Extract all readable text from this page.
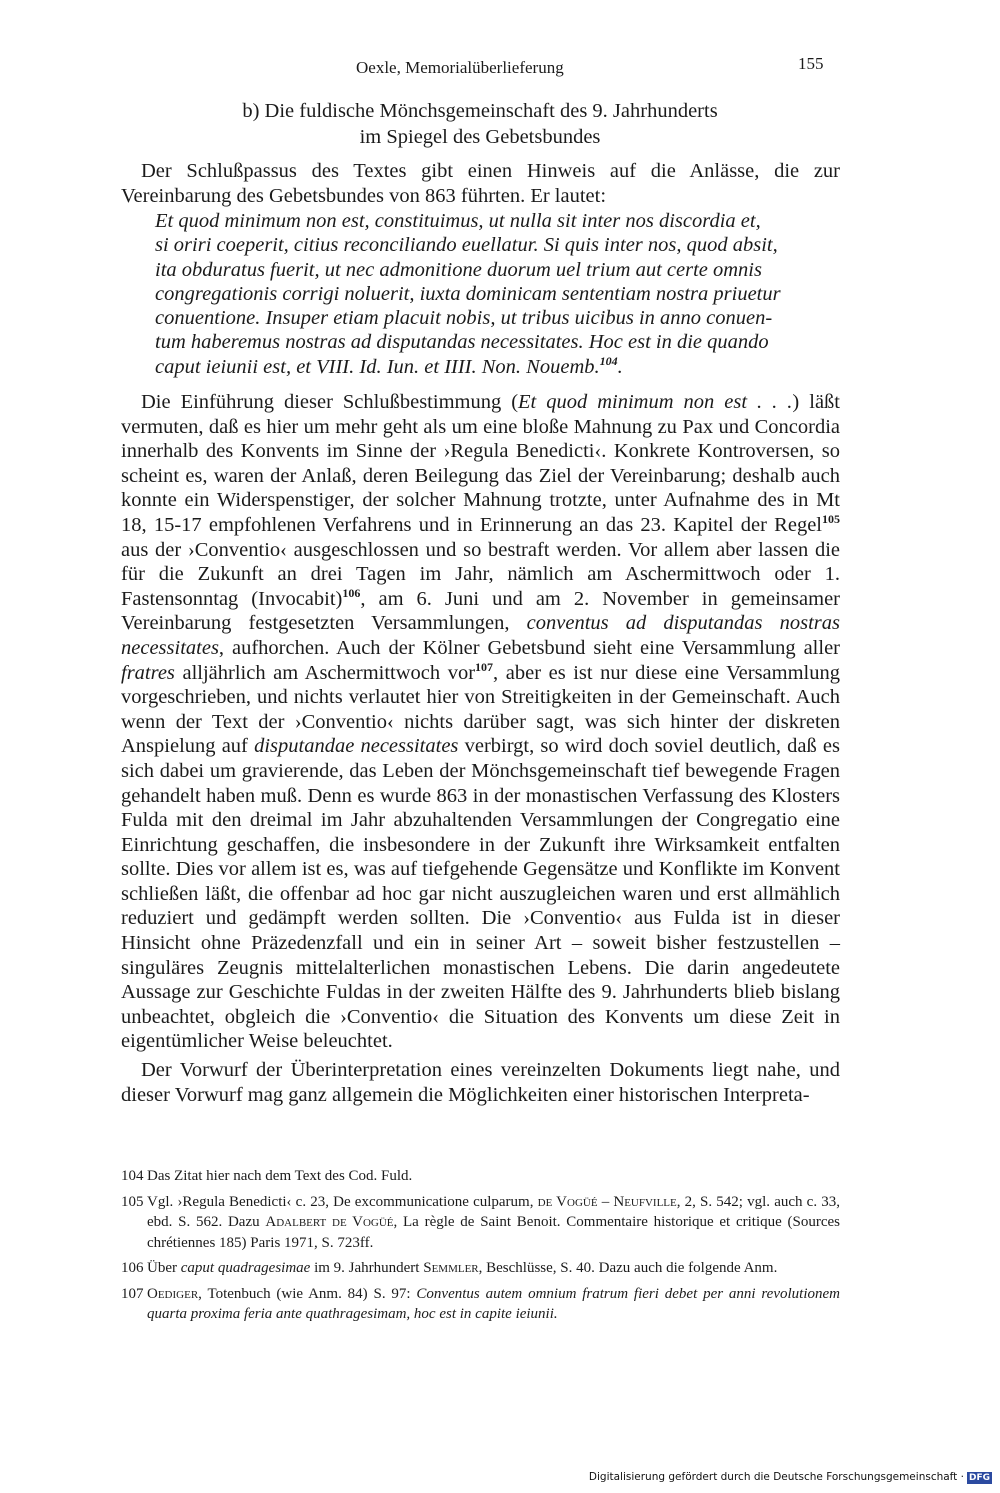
Oexle, Memorialüberlieferung	155
b) Die fuldische Mönchsgemeinschaft des 9. Jahrhunderts
im Spiegel des Gebetsbundes

Der Schlußpassus des Textes gibt einen Hinweis auf die Anlässe, die zur Vereinbarung des Gebetsbundes von 863 führten. Er lautet:

Et quod minimum non est, constituimus, ut nulla sit inter nos discordia et,
si oriri coeperit, citius reconciliando euellatur. Si quis inter nos, quod absit,
ita obduratus fuerit, ut nec admonitione duorum uel trium aut certe omnis
congregationis corrigi noluerit, iuxta dominicam sententiam nostra priuetur
conuentione. Insuper etiam placuit nobis, ut tribus uicibus in anno conuen-
tum haberemus nostras ad disputandas necessitates. Hoc est in die quando
caput ieiunii est, et VIII. Id. Iun. et IIII. Non. Nouemb.$^{104}$.

Die Einführung dieser Schlußbestimmung (Et quod minimum non est . . .) läßt vermuten, daß es hier um mehr geht als um eine bloße Mahnung zu Pax und Concordia innerhalb des Konvents im Sinne der ›Regula Benedicti‹. Konkrete Kontroversen, so scheint es, waren der Anlaß, deren Beilegung das Ziel der Vereinbarung; deshalb auch konnte ein Widerspenstiger, der solcher Mahnung trotzte, unter Aufnahme des in Mt 18, 15-17 empfohlenen Verfahrens und in Erinnerung an das 23. Kapitel der Regel$^{105}$ aus der ›Conventio‹ ausgeschlossen und so bestraft werden. Vor allem aber lassen die für die Zukunft an drei Tagen im Jahr, nämlich am Aschermittwoch oder 1. Fastensonntag (Invocabit)$^{106}$, am 6. Juni und am 2. November in gemeinsamer Vereinbarung festgesetzten Versammlungen, conventus ad disputandas nostras necessitates, aufhorchen. Auch der Kölner Gebetsbund sieht eine Versammlung aller fratres alljährlich am Aschermittwoch vor$^{107}$, aber es ist nur diese eine Versammlung vorgeschrieben, und nichts verlautet hier von Streitigkeiten in der Gemeinschaft. Auch wenn der Text der ›Conventio‹ nichts darüber sagt, was sich hinter der diskreten Anspielung auf disputandae necessitates verbirgt, so wird doch soviel deutlich, daß es sich dabei um gravierende, das Leben der Mönchsgemeinschaft tief bewegende Fragen gehandelt haben muß. Denn es wurde 863 in der monastischen Verfassung des Klosters Fulda mit den dreimal im Jahr abzuhaltenden Versammlungen der Congregatio eine Einrichtung geschaffen, die insbesondere in der Zukunft ihre Wirksamkeit entfalten sollte. Dies vor allem ist es, was auf tiefgehende Gegensätze und Konflikte im Konvent schließen läßt, die offenbar ad hoc gar nicht auszugleichen waren und erst allmählich reduziert und gedämpft werden sollten. Die ›Conventio‹ aus Fulda ist in dieser Hinsicht ohne Präzedenzfall und ein in seiner Art – soweit bisher festzustellen – singuläres Zeugnis mittelalterlichen monastischen Lebens. Die darin angedeutete Aussage zur Geschichte Fuldas in der zweiten Hälfte des 9. Jahrhunderts blieb bislang unbeachtet, obgleich die ›Conventio‹ die Situation des Konvents um diese Zeit in eigentümlicher Weise beleuchtet.

Der Vorwurf der Überinterpretation eines vereinzelten Dokuments liegt nahe, und dieser Vorwurf mag ganz allgemein die Möglichkeiten einer historischen Interpreta-

104 Das Zitat hier nach dem Text des Cod. Fuld.
105 Vgl. ›Regula Benedicti‹ c. 23, De excommunicatione culparum, de Vogüé – Neufville, 2, S. 542; vgl. auch c. 33, ebd. S. 562. Dazu Adalbert de Vogüé, La règle de Saint Benoit. Commentaire historique et critique (Sources chrétiennes 185) Paris 1971, S. 723ff.
106 Über caput quadragesimae im 9. Jahrhundert Semmler, Beschlüsse, S. 40. Dazu auch die folgende Anm.
107 Oediger, Totenbuch (wie Anm. 84) S. 97: Conventus autem omnium fratrum fieri debet per anni revolutionem quarta proxima feria ante quathragesimam, hoc est in capite ieiunii.
Digitalisierung gefördert durch die Deutsche Forschungsgemeinschaft · DFG
